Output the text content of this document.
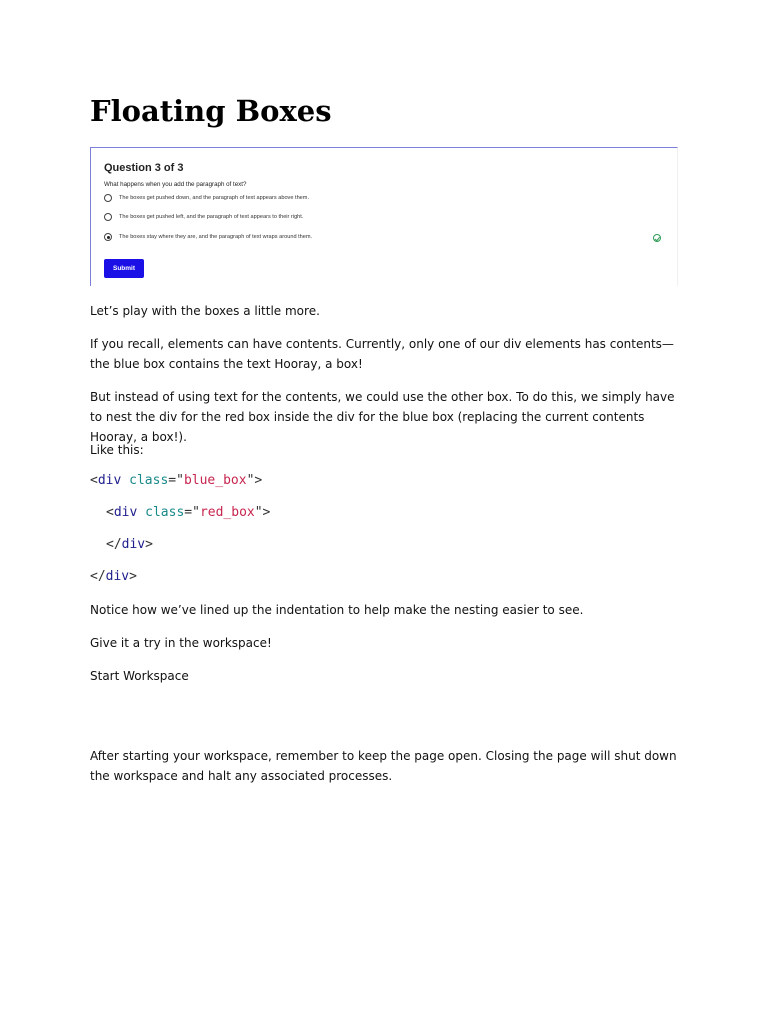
Floating Boxes
Question 3 of 3
What happens when you add the paragraph of text?
The boxes get pushed down, and the paragraph of text appears above them.
The boxes get pushed left, and the paragraph of text appears to their right.
The boxes stay where they are, and the paragraph of text wraps around them.
Submit

Let’s play with the boxes a little more.

If you recall, elements can have contents. Currently, only one of our div elements has contents—the blue box contains the text Hooray, a box!

But instead of using text for the contents, we could use the other box. To do this, we simply have to nest the div for the red box inside the div for the blue box (replacing the current contents Hooray, a box!).

Like this:

<div class="blue_box">
<div class="red_box">
</div>
</div>

Notice how we’ve lined up the indentation to help make the nesting easier to see.

Give it a try in the workspace!

Start Workspace

After starting your workspace, remember to keep the page open. Closing the page will shut down the workspace and halt any associated processes.
